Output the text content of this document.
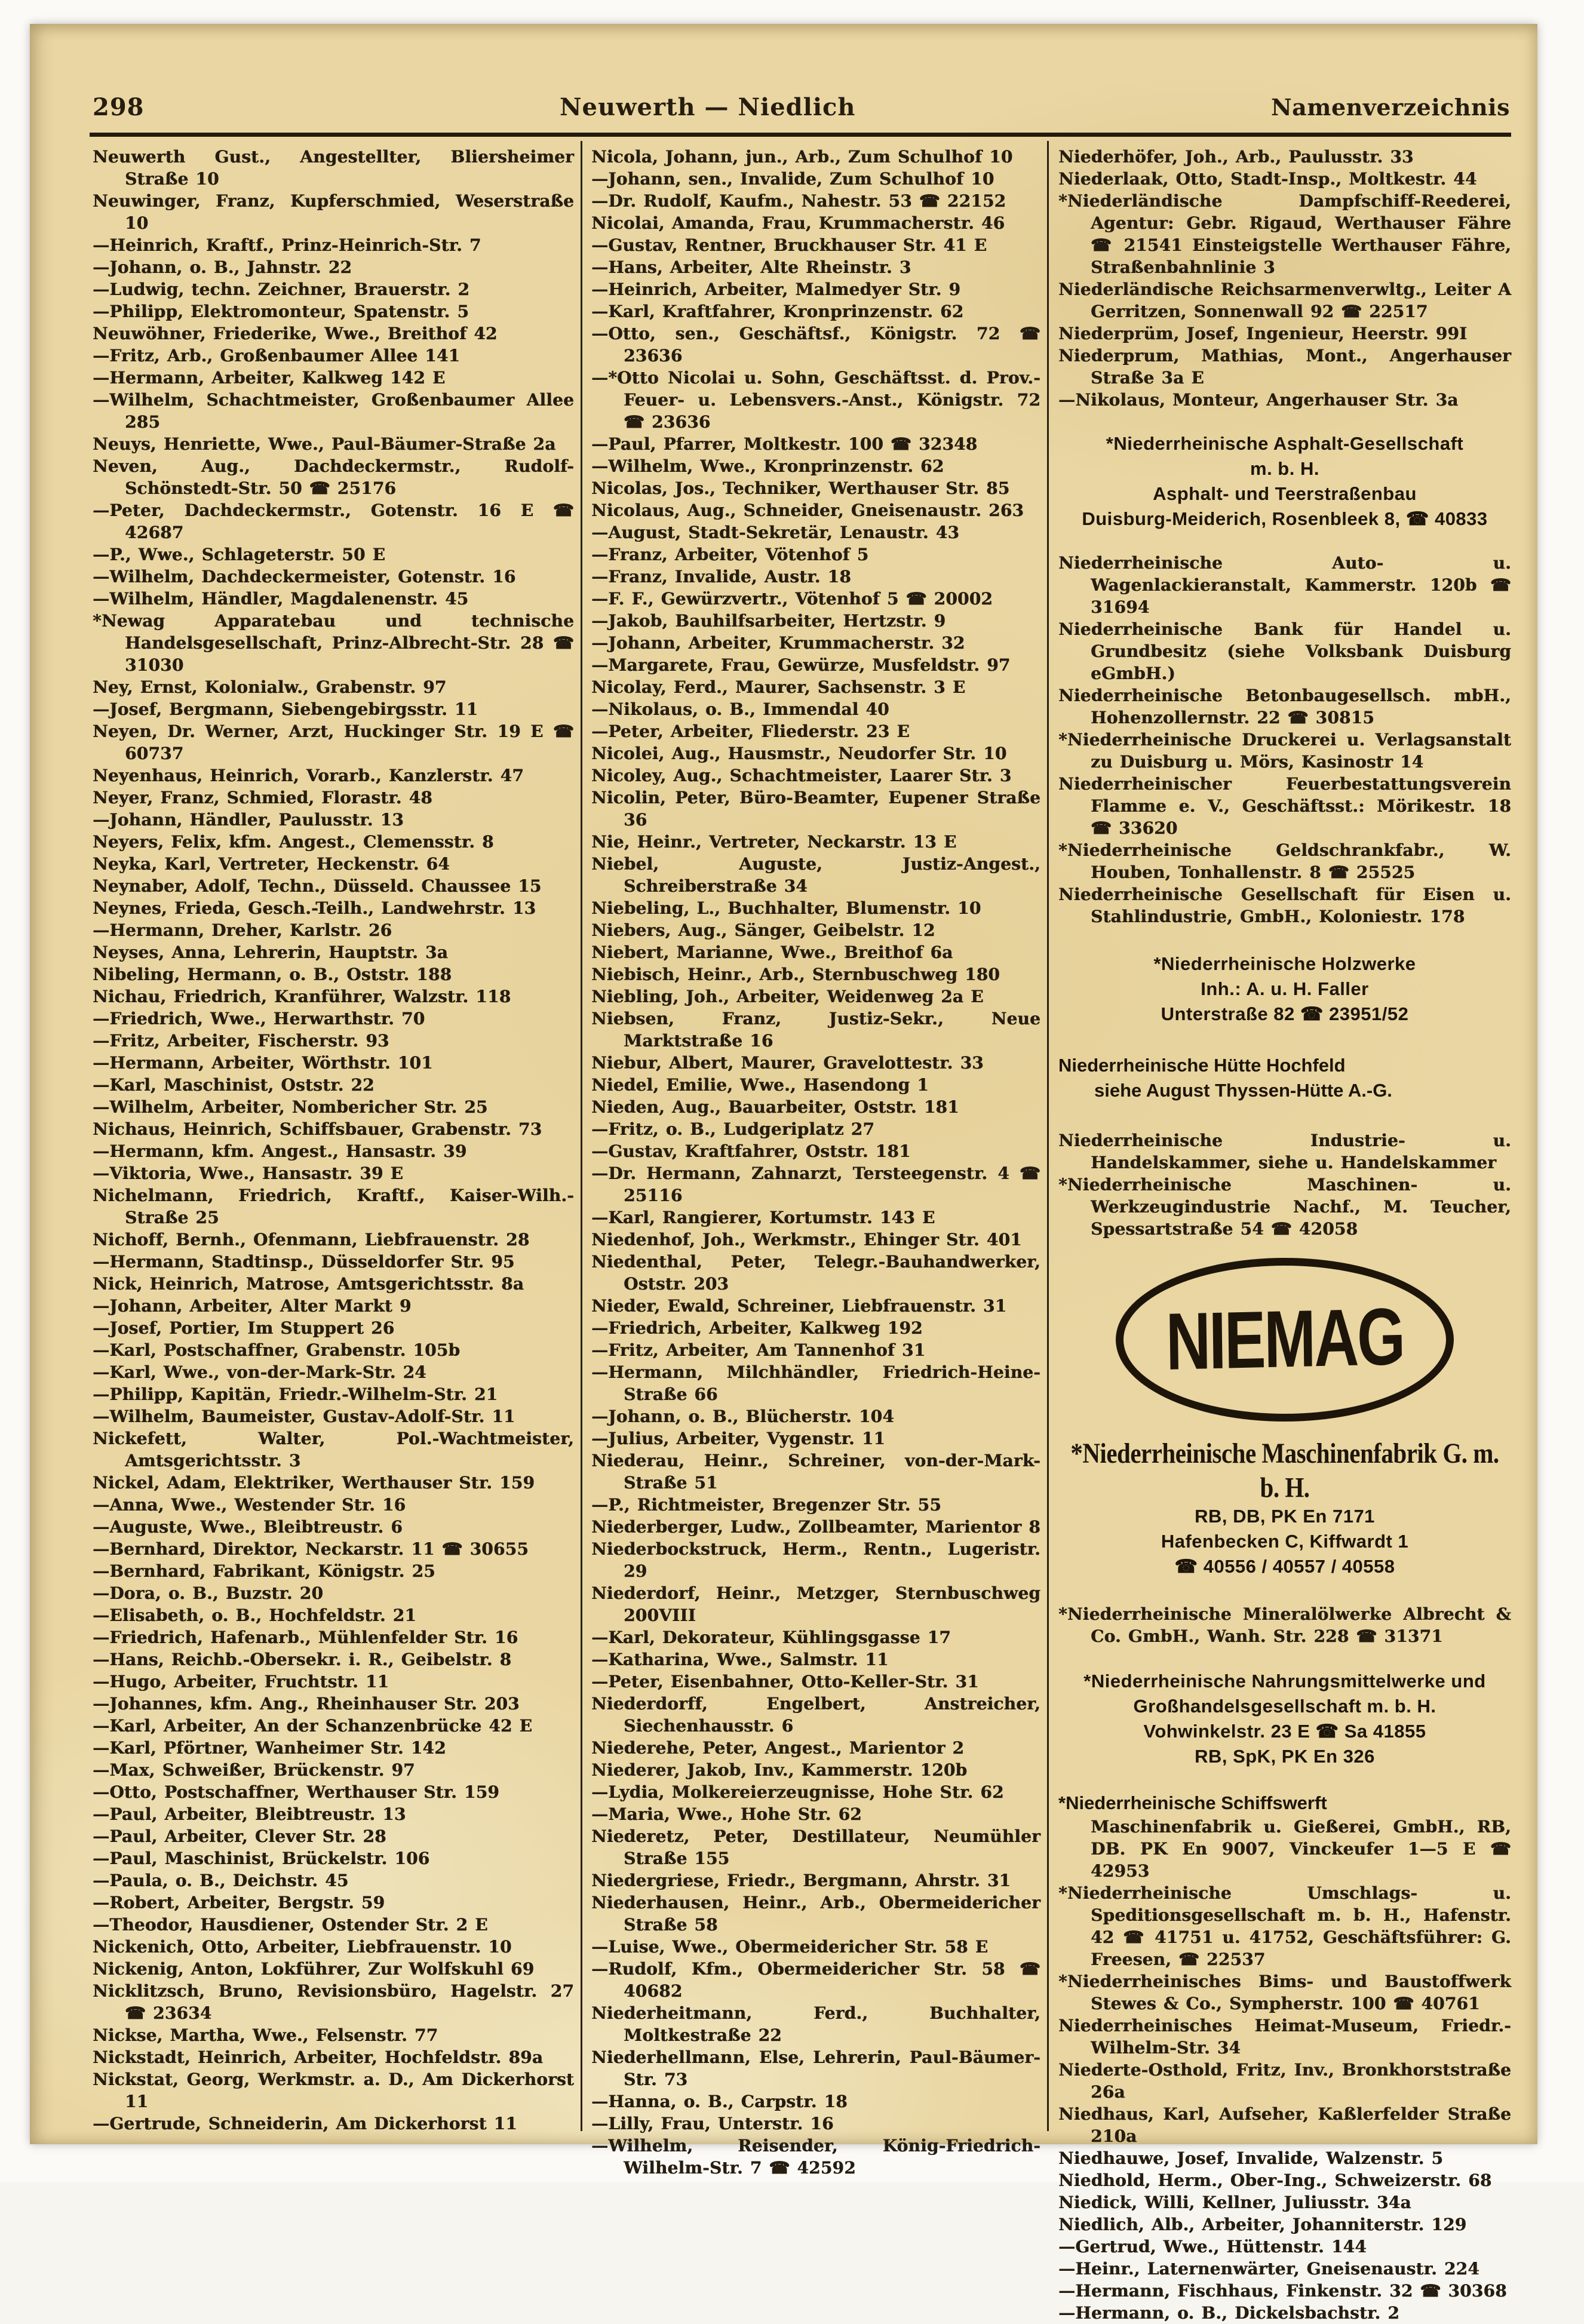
298	Neuwerth — Niedlich	Namenverzeichnis

Neuwerth Gust., Angestellter, Bliersheimer Straße 10

Neuwinger, Franz, Kupferschmied, Weserstraße 10

—Heinrich, Kraftf., Prinz-Heinrich-Str. 7

—Johann, o. B., Jahnstr. 22

—Ludwig, techn. Zeichner, Brauerstr. 2

—Philipp, Elektromonteur, Spatenstr. 5

Neuwöhner, Friederike, Wwe., Breithof 42

—Fritz, Arb., Großenbaumer Allee 141

—Hermann, Arbeiter, Kalkweg 142 E

—Wilhelm, Schachtmeister, Großenbaumer Allee 285

Neuys, Henriette, Wwe., Paul-Bäumer-Straße 2a

Neven, Aug., Dachdeckermstr., Rudolf-Schönstedt-Str. 50 ☎ 25176

—Peter, Dachdeckermstr., Gotenstr. 16 E ☎ 42687

—P., Wwe., Schlageterstr. 50 E

—Wilhelm, Dachdeckermeister, Gotenstr. 16

—Wilhelm, Händler, Magdalenenstr. 45

*Newag Apparatebau und technische Handelsgesellschaft, Prinz-Albrecht-Str. 28 ☎ 31030

Ney, Ernst, Kolonialw., Grabenstr. 97

—Josef, Bergmann, Siebengebirgsstr. 11

Neyen, Dr. Werner, Arzt, Huckinger Str. 19 E ☎ 60737

Neyenhaus, Heinrich, Vorarb., Kanzlerstr. 47

Neyer, Franz, Schmied, Florastr. 48

—Johann, Händler, Paulusstr. 13

Neyers, Felix, kfm. Angest., Clemensstr. 8

Neyka, Karl, Vertreter, Heckenstr. 64

Neynaber, Adolf, Techn., Düsseld. Chaussee 15

Neynes, Frieda, Gesch.-Teilh., Landwehrstr. 13

—Hermann, Dreher, Karlstr. 26

Neyses, Anna, Lehrerin, Hauptstr. 3a

Nibeling, Hermann, o. B., Oststr. 188

Nichau, Friedrich, Kranführer, Walzstr. 118

—Friedrich, Wwe., Herwarthstr. 70

—Fritz, Arbeiter, Fischerstr. 93

—Hermann, Arbeiter, Wörthstr. 101

—Karl, Maschinist, Oststr. 22

—Wilhelm, Arbeiter, Nombericher Str. 25

Nichaus, Heinrich, Schiffsbauer, Grabenstr. 73

—Hermann, kfm. Angest., Hansastr. 39

—Viktoria, Wwe., Hansastr. 39 E

Nichelmann, Friedrich, Kraftf., Kaiser-Wilh.-Straße 25

Nichoff, Bernh., Ofenmann, Liebfrauenstr. 28

—Hermann, Stadtinsp., Düsseldorfer Str. 95

Nick, Heinrich, Matrose, Amtsgerichtsstr. 8a

—Johann, Arbeiter, Alter Markt 9

—Josef, Portier, Im Stuppert 26

—Karl, Postschaffner, Grabenstr. 105b

—Karl, Wwe., von-der-Mark-Str. 24

—Philipp, Kapitän, Friedr.-Wilhelm-Str. 21

—Wilhelm, Baumeister, Gustav-Adolf-Str. 11

Nickefett, Walter, Pol.-Wachtmeister, Amtsgerichtsstr. 3

Nickel, Adam, Elektriker, Werthauser Str. 159

—Anna, Wwe., Westender Str. 16

—Auguste, Wwe., Bleibtreustr. 6

—Bernhard, Direktor, Neckarstr. 11 ☎ 30655

—Bernhard, Fabrikant, Königstr. 25

—Dora, o. B., Buzstr. 20

—Elisabeth, o. B., Hochfeldstr. 21

—Friedrich, Hafenarb., Mühlenfelder Str. 16

—Hans, Reichb.-Obersekr. i. R., Geibelstr. 8

—Hugo, Arbeiter, Fruchtstr. 11

—Johannes, kfm. Ang., Rheinhauser Str. 203

—Karl, Arbeiter, An der Schanzenbrücke 42 E

—Karl, Pförtner, Wanheimer Str. 142

—Max, Schweißer, Brückenstr. 97

—Otto, Postschaffner, Werthauser Str. 159

—Paul, Arbeiter, Bleibtreustr. 13

—Paul, Arbeiter, Clever Str. 28

—Paul, Maschinist, Brückelstr. 106

—Paula, o. B., Deichstr. 45

—Robert, Arbeiter, Bergstr. 59

—Theodor, Hausdiener, Ostender Str. 2 E

Nickenich, Otto, Arbeiter, Liebfrauenstr. 10

Nickenig, Anton, Lokführer, Zur Wolfskuhl 69

Nicklitzsch, Bruno, Revisionsbüro, Hagelstr. 27 ☎ 23634

Nickse, Martha, Wwe., Felsenstr. 77

Nickstadt, Heinrich, Arbeiter, Hochfeldstr. 89a

Nickstat, Georg, Werkmstr. a. D., Am Dickerhorst 11

—Gertrude, Schneiderin, Am Dickerhorst 11

Nicola, Johann, jun., Arb., Zum Schulhof 10

—Johann, sen., Invalide, Zum Schulhof 10

—Dr. Rudolf, Kaufm., Nahestr. 53 ☎ 22152

Nicolai, Amanda, Frau, Krummacherstr. 46

—Gustav, Rentner, Bruckhauser Str. 41 E

—Hans, Arbeiter, Alte Rheinstr. 3

—Heinrich, Arbeiter, Malmedyer Str. 9

—Karl, Kraftfahrer, Kronprinzenstr. 62

—Otto, sen., Geschäftsf., Königstr. 72 ☎ 23636

—*Otto Nicolai u. Sohn, Geschäftsst. d. Prov.-Feuer- u. Lebensvers.-Anst., Königstr. 72 ☎ 23636

—Paul, Pfarrer, Moltkestr. 100 ☎ 32348

—Wilhelm, Wwe., Kronprinzenstr. 62

Nicolas, Jos., Techniker, Werthauser Str. 85

Nicolaus, Aug., Schneider, Gneisenaustr. 263

—August, Stadt-Sekretär, Lenaustr. 43

—Franz, Arbeiter, Vötenhof 5

—Franz, Invalide, Austr. 18

—F. F., Gewürzvertr., Vötenhof 5 ☎ 20002

—Jakob, Bauhilfsarbeiter, Hertzstr. 9

—Johann, Arbeiter, Krummacherstr. 32

—Margarete, Frau, Gewürze, Musfeldstr. 97

Nicolay, Ferd., Maurer, Sachsenstr. 3 E

—Nikolaus, o. B., Immendal 40

—Peter, Arbeiter, Fliederstr. 23 E

Nicolei, Aug., Hausmstr., Neudorfer Str. 10

Nicoley, Aug., Schachtmeister, Laarer Str. 3

Nicolin, Peter, Büro-Beamter, Eupener Straße 36

Nie, Heinr., Vertreter, Neckarstr. 13 E

Niebel, Auguste, Justiz-Angest., Schreiberstraße 34

Niebeling, L., Buchhalter, Blumenstr. 10

Niebers, Aug., Sänger, Geibelstr. 12

Niebert, Marianne, Wwe., Breithof 6a

Niebisch, Heinr., Arb., Sternbuschweg 180

Niebling, Joh., Arbeiter, Weidenweg 2a E

Niebsen, Franz, Justiz-Sekr., Neue Marktstraße 16

Niebur, Albert, Maurer, Gravelottestr. 33

Niedel, Emilie, Wwe., Hasendong 1

Nieden, Aug., Bauarbeiter, Oststr. 181

—Fritz, o. B., Ludgeriplatz 27

—Gustav, Kraftfahrer, Oststr. 181

—Dr. Hermann, Zahnarzt, Tersteegenstr. 4 ☎ 25116

—Karl, Rangierer, Kortumstr. 143 E

Niedenhof, Joh., Werkmstr., Ehinger Str. 401

Niedenthal, Peter, Telegr.-Bauhandwerker, Oststr. 203

Nieder, Ewald, Schreiner, Liebfrauenstr. 31

—Friedrich, Arbeiter, Kalkweg 192

—Fritz, Arbeiter, Am Tannenhof 31

—Hermann, Milchhändler, Friedrich-Heine-Straße 66

—Johann, o. B., Blücherstr. 104

—Julius, Arbeiter, Vygenstr. 11

Niederau, Heinr., Schreiner, von-der-Mark-Straße 51

—P., Richtmeister, Bregenzer Str. 55

Niederberger, Ludw., Zollbeamter, Marientor 8

Niederbockstruck, Herm., Rentn., Lugeristr. 29

Niederdorf, Heinr., Metzger, Sternbuschweg 200VIII

—Karl, Dekorateur, Kühlingsgasse 17

—Katharina, Wwe., Salmstr. 11

—Peter, Eisenbahner, Otto-Keller-Str. 31

Niederdorff, Engelbert, Anstreicher, Siechenhausstr. 6

Niederehe, Peter, Angest., Marientor 2

Niederer, Jakob, Inv., Kammerstr. 120b

—Lydia, Molkereierzeugnisse, Hohe Str. 62

—Maria, Wwe., Hohe Str. 62

Niederetz, Peter, Destillateur, Neumühler Straße 155

Niedergriese, Friedr., Bergmann, Ahrstr. 31

Niederhausen, Heinr., Arb., Obermeidericher Straße 58

—Luise, Wwe., Obermeidericher Str. 58 E

—Rudolf, Kfm., Obermeidericher Str. 58 ☎ 40682

Niederheitmann, Ferd., Buchhalter, Moltkestraße 22

Niederhellmann, Else, Lehrerin, Paul-Bäumer-Str. 73

—Hanna, o. B., Carpstr. 18

—Lilly, Frau, Unterstr. 16

—Wilhelm, Reisender, König-Friedrich-Wilhelm-Str. 7 ☎ 42592

Niederhöfer, Joh., Arb., Paulusstr. 33

Niederlaak, Otto, Stadt-Insp., Moltkestr. 44

*Niederländische Dampfschiff-Reederei, Agentur: Gebr. Rigaud, Werthauser Fähre ☎ 21541 Einsteigstelle Werthauser Fähre, Straßenbahnlinie 3

Niederländische Reichsarmenverwltg., Leiter A Gerritzen, Sonnenwall 92 ☎ 22517

Niederprüm, Josef, Ingenieur, Heerstr. 99I

Niederprum, Mathias, Mont., Angerhauser Straße 3a E

—Nikolaus, Monteur, Angerhauser Str. 3a

*Niederrheinische Asphalt-Gesellschaft
m. b. H.
Asphalt- und Teerstraßenbau
Duisburg-Meiderich, Rosenbleek 8, ☎ 40833

Niederrheinische Auto- u. Wagenlackieranstalt, Kammerstr. 120b ☎ 31694

Niederrheinische Bank für Handel u. Grundbesitz (siehe Volksbank Duisburg eGmbH.)

Niederrheinische Betonbaugesellsch. mbH., Hohenzollernstr. 22 ☎ 30815

*Niederrheinische Druckerei u. Verlagsanstalt zu Duisburg u. Mörs, Kasinostr 14

Niederrheinischer Feuerbestattungsverein Flamme e. V., Geschäftsst.: Mörikestr. 18 ☎ 33620

*Niederrheinische Geldschrankfabr., W. Houben, Tonhallenstr. 8 ☎ 25525

Niederrheinische Gesellschaft für Eisen u. Stahlindustrie, GmbH., Koloniestr. 178

*Niederrheinische Holzwerke
Inh.: A. u. H. Faller
Unterstraße 82 ☎ 23951/52
Niederrheinische Hütte Hochfeld
siehe August Thyssen-Hütte A.-G.

Niederrheinische Industrie- u. Handelskammer, siehe u. Handelskammer

*Niederrheinische Maschinen- u. Werkzeugindustrie Nachf., M. Teucher, Spessartstraße 54 ☎ 42058

NIEMAG
*Niederrheinische Maschinenfabrik G. m. b. H.
RB, DB, PK En 7171
Hafenbecken C, Kiffwardt 1
☎ 40556 / 40557 / 40558

*Niederrheinische Mineralölwerke Albrecht & Co. GmbH., Wanh. Str. 228 ☎ 31371

*Niederrheinische Nahrungsmittelwerke und
Großhandelsgesellschaft m. b. H.
Vohwinkelstr. 23 E ☎ Sa 41855
RB, SpK, PK En 326
*Niederrheinische Schiffswerft

Maschinenfabrik u. Gießerei, GmbH., RB, DB. PK En 9007, Vinckeufer 1—5 E ☎ 42953

*Niederrheinische Umschlags- u. Speditionsgesellschaft m. b. H., Hafenstr. 42 ☎ 41751 u. 41752, Geschäftsführer: G. Freesen, ☎ 22537

*Niederrheinisches Bims- und Baustoffwerk Stewes & Co., Sympherstr. 100 ☎ 40761

Niederrheinisches Heimat-Museum, Friedr.-Wilhelm-Str. 34

Niederte-Osthold, Fritz, Inv., Bronkhorststraße 26a

Niedhaus, Karl, Aufseher, Kaßlerfelder Straße 210a

Niedhauwe, Josef, Invalide, Walzenstr. 5

Niedhold, Herm., Ober-Ing., Schweizerstr. 68

Niedick, Willi, Kellner, Juliusstr. 34a

Niedlich, Alb., Arbeiter, Johanniterstr. 129

—Gertrud, Wwe., Hüttenstr. 144

—Heinr., Laternenwärter, Gneisenaustr. 224

—Hermann, Fischhaus, Finkenstr. 32 ☎ 30368

—Hermann, o. B., Dickelsbachstr. 2
